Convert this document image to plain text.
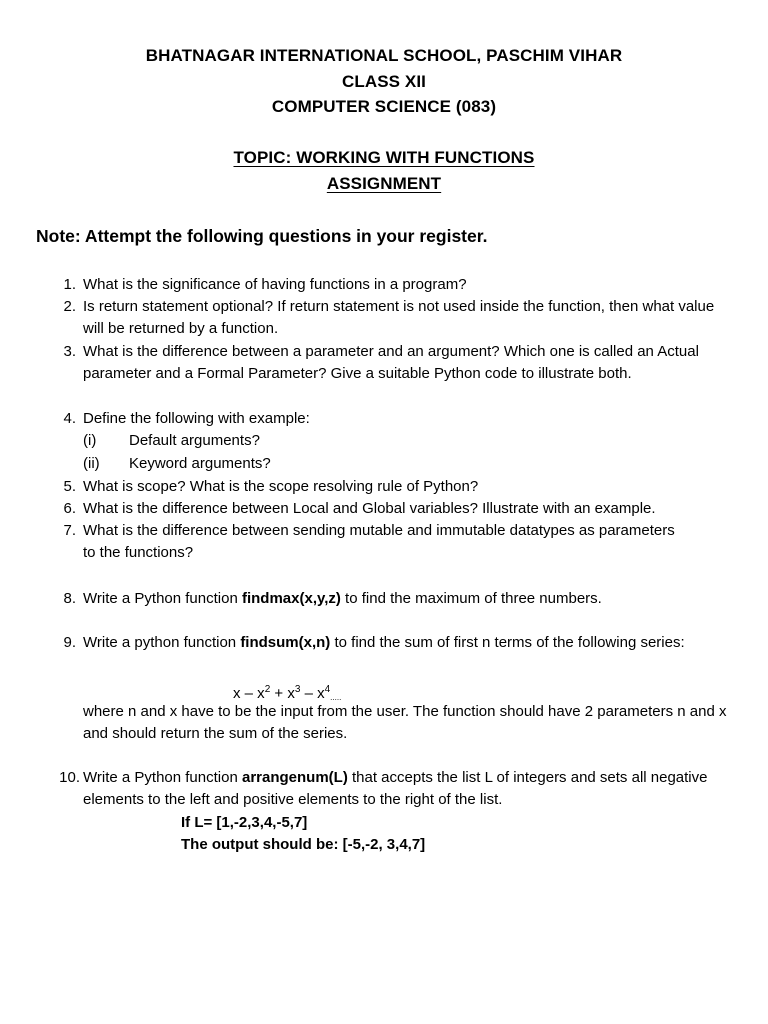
BHATNAGAR INTERNATIONAL SCHOOL, PASCHIM VIHAR
CLASS XII
COMPUTER SCIENCE (083)
TOPIC: WORKING WITH FUNCTIONS
ASSIGNMENT
Note: Attempt the following questions in your register.
1. What is the significance of having functions in a program?
2. Is return statement optional? If return statement is not used inside the function, then what value will be returned by a function.
3. What is the difference between a parameter and an argument? Which one is called an Actual parameter and a Formal Parameter? Give a suitable Python code to illustrate both.
4. Define the following with example:
(i) Default arguments?
(ii) Keyword arguments?
5. What is scope? What is the scope resolving rule of Python?
6. What is the difference between Local and Global variables? Illustrate with an example.
7. What is the difference between sending mutable and immutable datatypes as parameters to the functions?
8. Write a Python function findmax(x,y,z) to find the maximum of three numbers.
9. Write a python function findsum(x,n) to find the sum of first n terms of the following series:
$x - x^2 + x^3 - x^4_{.....}$
where n and x have to be the input from the user. The function should have 2 parameters n and x and should return the sum of the series.
10. Write a Python function arrangenum(L) that accepts the list L of integers and sets all negative elements to the left and positive elements to the right of the list.
If L= [1,-2,3,4,-5,7]
The output should be: [-5,-2, 3,4,7]
